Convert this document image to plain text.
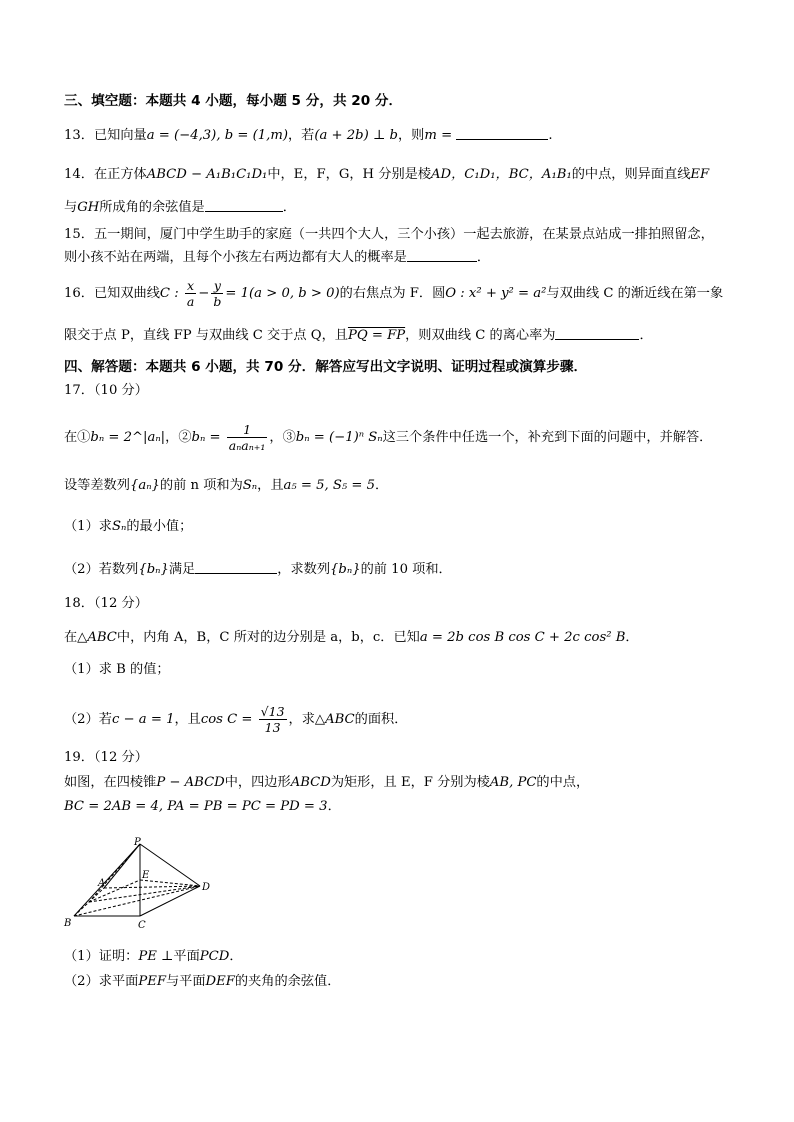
三、填空题：本题共 4 小题，每小题 5 分，共 20 分．
13．已知向量a = (−4,3), b = (1,m)，若(a + 2b) ⊥ b，则m =	.
14．在正方体ABCD − A₁B₁C₁D₁中，E，F，G，H 分别是棱AD，C₁D₁，BC，A₁B₁的中点，则异面直线EF
与GH所成角的余弦值是	．
15．五一期间，厦门中学生助手的家庭（一共四个大人，三个小孩）一起去旅游，在某景点站成一排拍照留念，
则小孩不站在两端，且每个小孩左右两边都有大人的概率是	．
16．已知双曲线C : $\frac{x}{a} - \frac{y}{b} = 1(a > 0$, b > 0)的右焦点为 F．圆O : x² + y² = a²与双曲线 C 的渐近线在第一象
限交于点 P，直线 FP 与双曲线 C 交于点 Q，且PQ = FP，则双曲线 C 的离心率为	．
四、解答题：本题共 6 小题，共 70 分．解答应写出文字说明、证明过程或演算步骤．
17．（10 分）
在①bₙ = 2^|aₙ|，②bₙ = $\frac{1}{\text{aₙaₙ₊₁}}$ ，③bₙ = (−1)ⁿ Sₙ这三个条件中任选一个，补充到下面的问题中，并解答．
设等差数列{aₙ}的前 n 项和为Sₙ，且a₅ = 5, S₅ = 5．
（1）求Sₙ的最小值；
（2）若数列{bₙ}满足	，求数列{bₙ}的前 10 项和．
18．（12 分）
在△ABC中，内角 A，B，C 所对的边分别是 a，b，c．已知a = 2b cos B cos C + 2c cos² B．
（1）求 B 的值；
（2）若c − a = 1，且$\cos C = \frac{√13}{13}$ ，求△ABC的面积．
19．（12 分）
如图，在四棱锥P − ABCD中，四边形ABCD为矩形，且 E，F 分别为棱AB, PC的中点，
BC = 2AB = 4, PA = PB = PC = PD = 3．
P
A
B	C
D
E
（1）证明：PE ⊥平面PCD．
（2）求平面PEF与平面DEF的夹角的余弦值．
